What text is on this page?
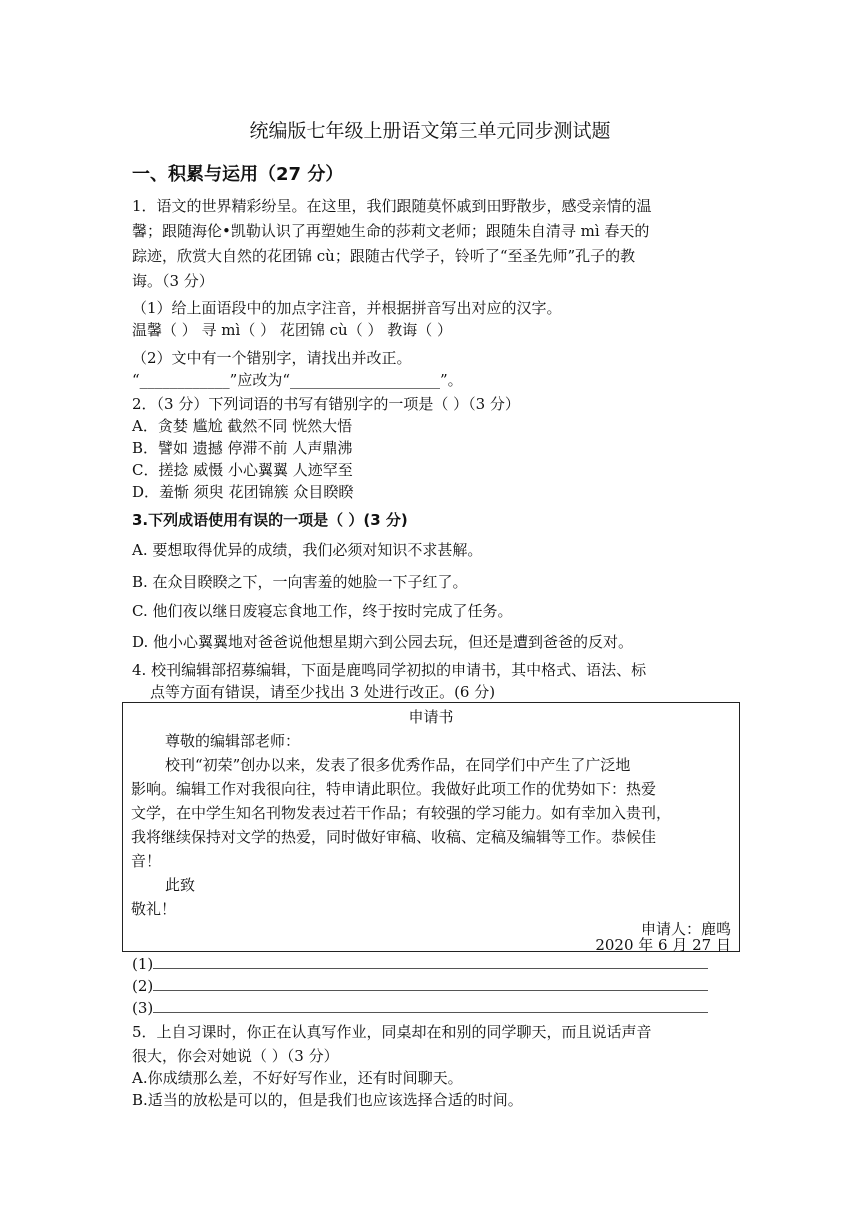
统编版七年级上册语文第三单元同步测试题
一、积累与运用（27 分）
1．语文的世界精彩纷呈。在这里，我们跟随莫怀戚到田野散步，感受亲情的温
馨；跟随海伦•凯勒认识了再塑她生命的莎莉文老师；跟随朱自清寻 mì 春天的
踪迹，欣赏大自然的花团锦 cù；跟随古代学子，铃听了“至圣先师”孔子的教
诲。（3 分）
（1）给上面语段中的加点字注音，并根据拼音写出对应的汉字。
温馨（ ） 寻 mì（ ） 花团锦 cù（ ） 教诲（ ）
（2）文中有一个错别字，请找出并改正。
“____________”应改为“____________________”。
2．（3 分）下列词语的书写有错别字的一项是（ ）（3 分）
A．贪婪 尴尬 截然不同 恍然大悟
B．譬如 遗撼 停滞不前 人声鼎沸
C．搓捻 威慑 小心翼翼 人迹罕至
D．羞惭 须臾 花团锦簇 众目睽睽
3.下列成语使用有误的一项是（ ）(3 分)
A. 要想取得优异的成绩，我们必须对知识不求甚解。
B. 在众目睽睽之下，一向害羞的她脸一下子红了。
C. 他们夜以继日废寝忘食地工作，终于按时完成了任务。
D. 他小心翼翼地对爸爸说他想星期六到公园去玩，但还是遭到爸爸的反对。
4. 校刊编辑部招募编辑，下面是鹿鸣同学初拟的申请书，其中格式、语法、标
点等方面有错误，请至少找出 3 处进行改正。(6 分)
申请书
尊敬的编辑部老师：
校刊“初荣”创办以来，发表了很多优秀作品，在同学们中产生了广泛地
影响。编辑工作对我很向往，特申请此职位。我做好此项工作的优势如下：热爱
文学，在中学生知名刊物发表过若干作品；有较强的学习能力。如有幸加入贵刊，
我将继续保持对文学的热爱，同时做好审稿、收稿、定稿及编辑等工作。恭候佳
音！
此致
敬礼！
申请人：鹿鸣
2020 年 6 月 27 日
(1)
(2)
(3)
5．上自习课时，你正在认真写作业，同桌却在和别的同学聊天，而且说话声音
很大，你会对她说（ ）（3 分）
A.你成绩那么差，不好好写作业，还有时间聊天。
B.适当的放松是可以的，但是我们也应该选择合适的时间。
